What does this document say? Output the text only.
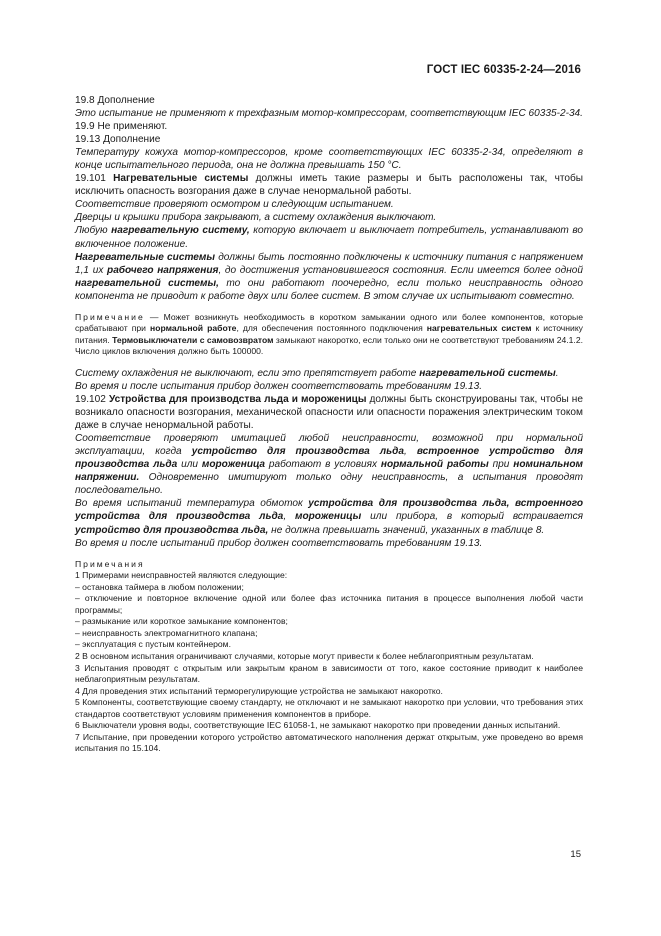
ГОСТ IEC 60335-2-24—2016

19.8 Дополнение

Это испытание не применяют к трехфазным мотор-компрессорам, соответствующим IEC 60335-2-34.

19.9 Не применяют.

19.13 Дополнение

Температуру кожуха мотор-компрессоров, кроме соответствующих IEC 60335-2-34, определяют в конце испытательного периода, она не должна превышать 150 °C.

19.101 Нагревательные системы должны иметь такие размеры и быть расположены так, чтобы исключить опасность возгорания даже в случае ненормальной работы.

Соответствие проверяют осмотром и следующим испытанием.

Дверцы и крышки прибора закрывают, а систему охлаждения выключают.

Любую нагревательную систему, которую включает и выключает потребитель, устанавливают во включенное положение.

Нагревательные системы должны быть постоянно подключены к источнику питания с напряжением 1,1 их рабочего напряжения, до достижения установившегося состояния. Если имеется более одной нагревательной системы, то они работают поочередно, если только неисправность одного компонента не приводит к работе двух или более систем. В этом случае их испытывают совместно.

Примечание — Может возникнуть необходимость в коротком замыкании одного или более компонентов, которые срабатывают при нормальной работе, для обеспечения постоянного подключения нагревательных систем к источнику питания. Термовыключатели с самовозвратом замыкают накоротко, если только они не соответствуют требованиям 24.1.2. Число циклов включения должно быть 100000.

Систему охлаждения не выключают, если это препятствует работе нагревательной системы.

Во время и после испытания прибор должен соответствовать требованиям 19.13.

19.102 Устройства для производства льда и мороженицы должны быть сконструированы так, чтобы не возникало опасности возгорания, механической опасности или опасности поражения электрическим током даже в случае ненормальной работы.

Соответствие проверяют имитацией любой неисправности, возможной при нормальной эксплуатации, когда устройство для производства льда, встроенное устройство для производства льда или мороженица работают в условиях нормальной работы при номинальном напряжении. Одновременно имитируют только одну неисправность, а испытания проводят последовательно.

Во время испытаний температура обмоток устройства для производства льда, встроенного устройства для производства льда, мороженицы или прибора, в который встраивается устройство для производства льда, не должна превышать значений, указанных в таблице 8.

Во время и после испытаний прибор должен соответствовать требованиям 19.13.

Примечания

1 Примерами неисправностей являются следующие:

– остановка таймера в любом положении;

– отключение и повторное включение одной или более фаз источника питания в процессе выполнения любой части программы;

– размыкание или короткое замыкание компонентов;

– неисправность электромагнитного клапана;

– эксплуатация с пустым контейнером.

2 В основном испытания ограничивают случаями, которые могут привести к более неблагоприятным результатам.

3 Испытания проводят с открытым или закрытым краном в зависимости от того, какое состояние приводит к наиболее неблагоприятным результатам.

4 Для проведения этих испытаний терморегулирующие устройства не замыкают накоротко.

5 Компоненты, соответствующие своему стандарту, не отключают и не замыкают накоротко при условии, что требования этих стандартов соответствуют условиям применения компонентов в приборе.

6 Выключатели уровня воды, соответствующие IEC 61058-1, не замыкают накоротко при проведении данных испытаний.

7 Испытание, при проведении которого устройство автоматического наполнения держат открытым, уже проведено во время испытания по 15.104.

15
